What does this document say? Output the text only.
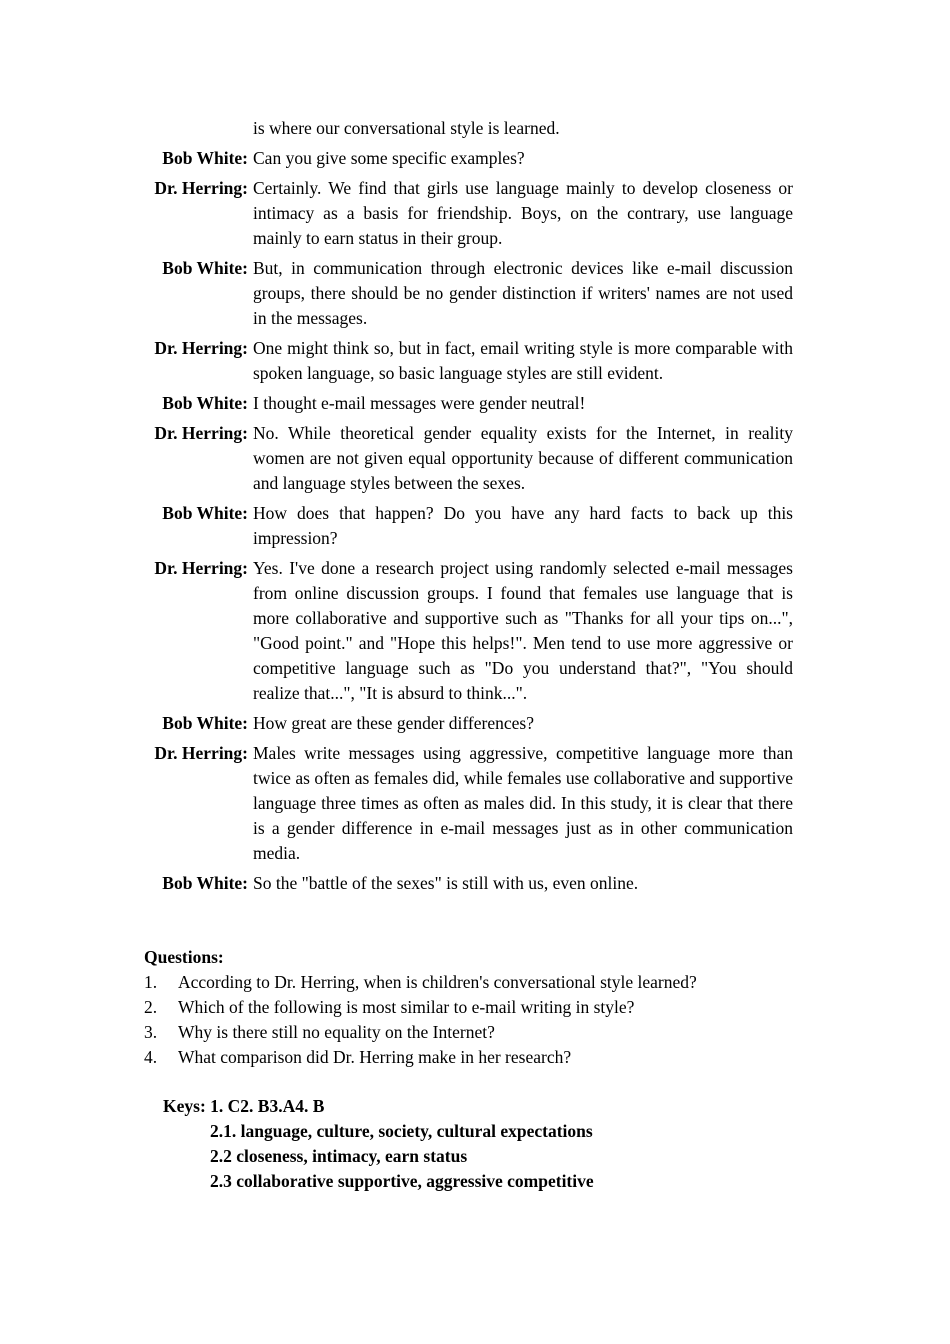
is where our conversational style is learned.
Bob White: Can you give some specific examples?
Dr. Herring: Certainly. We find that girls use language mainly to develop closeness or intimacy as a basis for friendship. Boys, on the contrary, use language mainly to earn status in their group.
Bob White: But, in communication through electronic devices like e-mail discussion groups, there should be no gender distinction if writers' names are not used in the messages.
Dr. Herring: One might think so, but in fact, email writing style is more comparable with spoken language, so basic language styles are still evident.
Bob White: I thought e-mail messages were gender neutral!
Dr. Herring: No. While theoretical gender equality exists for the Internet, in reality women are not given equal opportunity because of different communication and language styles between the sexes.
Bob White: How does that happen? Do you have any hard facts to back up this impression?
Dr. Herring: Yes. I've done a research project using randomly selected e-mail messages from online discussion groups. I found that females use language that is more collaborative and supportive such as "Thanks for all your tips on...", "Good point." and "Hope this helps!". Men tend to use more aggressive or competitive language such as "Do you understand that?", "You should realize that...", "It is absurd to think...".
Bob White: How great are these gender differences?
Dr. Herring: Males write messages using aggressive, competitive language more than twice as often as females did, while females use collaborative and supportive language three times as often as males did. In this study, it is clear that there is a gender difference in e-mail messages just as in other communication media.
Bob White: So the "battle of the sexes" is still with us, even online.
Questions:
1.	According to Dr. Herring, when is children's conversational style learned?
2.	Which of the following is most similar to e-mail writing in style?
3.	Why is there still no equality on the Internet?
4.	What comparison did Dr. Herring make in her research?
Keys: 1. C2. B3.A4. B
2.1. language, culture, society, cultural expectations
2.2 closeness, intimacy, earn status
2.3 collaborative supportive, aggressive competitive
